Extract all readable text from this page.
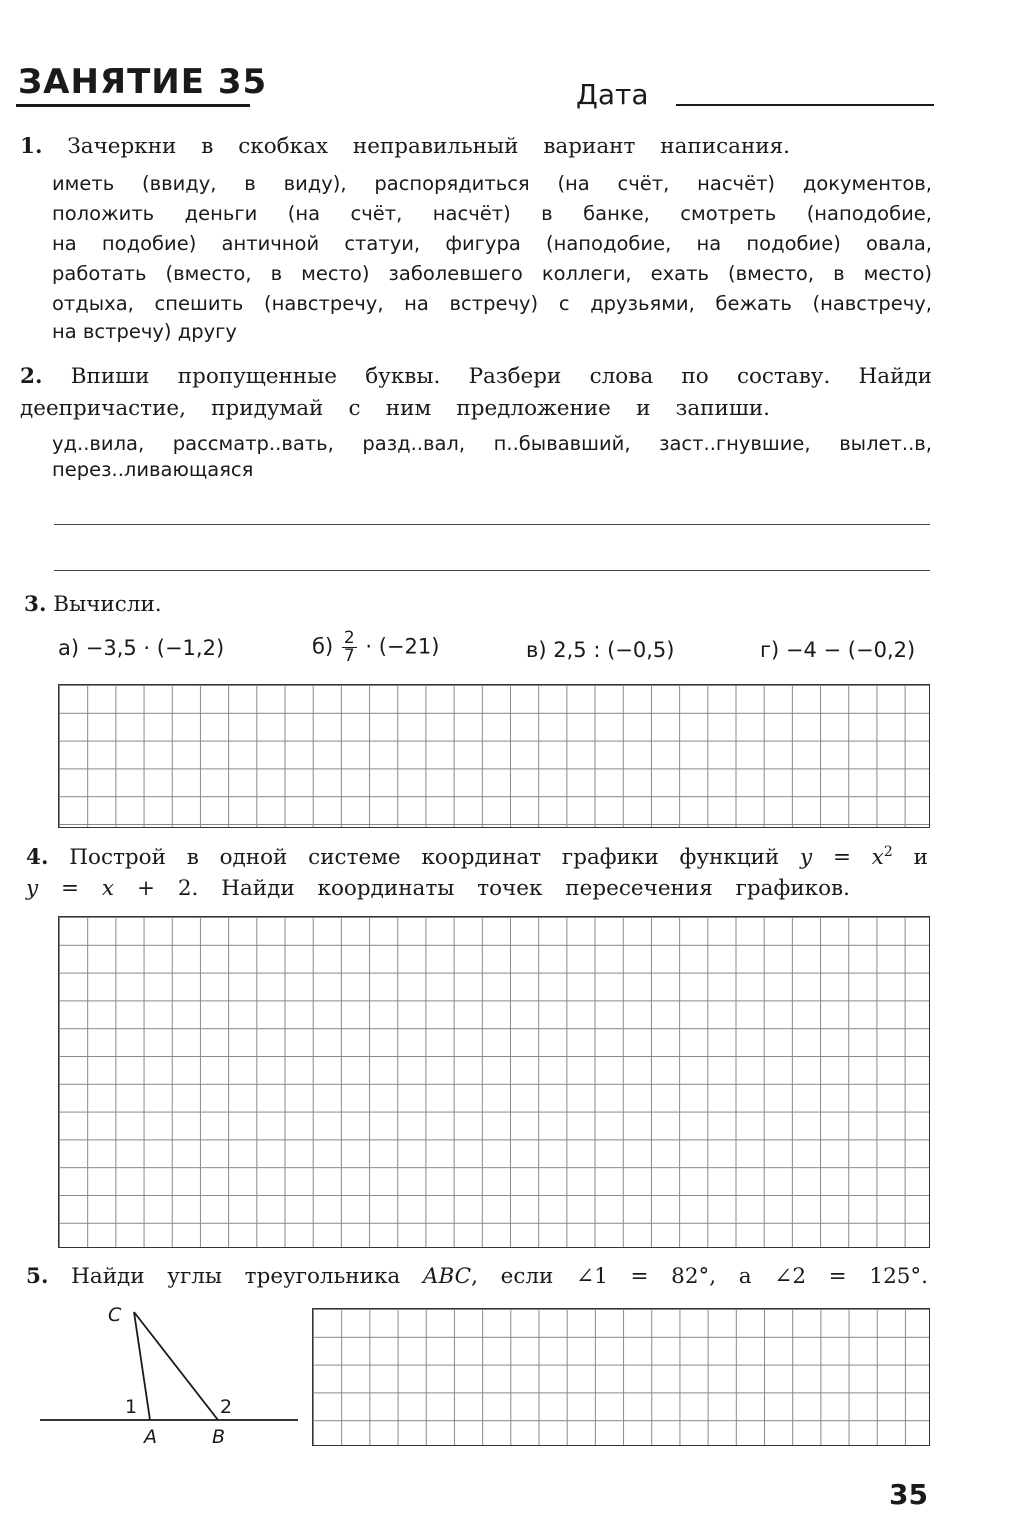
ЗАНЯТИЕ 35	Дата
1. Зачеркни в скобках неправильный вариант написания.
иметь (ввиду, в виду), распорядиться (на счёт, насчёт) документов,
положить деньги (на счёт, насчёт) в банке, смотреть (наподобие,
на подобие) античной статуи, фигура (наподобие, на подобие) овала,
работать (вместо, в место) заболевшего коллеги, ехать (вместо, в место)
отдыха, спешить (навстречу, на встречу) с друзьями, бежать (навстречу,
на встречу) другу
2. Впиши пропущенные буквы. Разбери слова по составу. Найди
деепричастие, придумай с ним предложение и запиши.
уд..вила, рассматр..вать, разд..вал, п..бывавший, заст..гнувшие, вылет..в,
перез..ливающаяся
3. Вычисли.
а) −3,5 · (−1,2)	$б) \frac{2}{7} \cdot (-21)$	в) 2,5 : (−0,5)	г) −4 − (−0,2)
4. Построй в одной системе координат графики функций $y = x^2$ и
y = x + 2. Найди координаты точек пересечения графиков.
5. Найди углы треугольника ABC, если ∠1 = 82°, а ∠2 = 125°.
C
1	2
A	B
35
